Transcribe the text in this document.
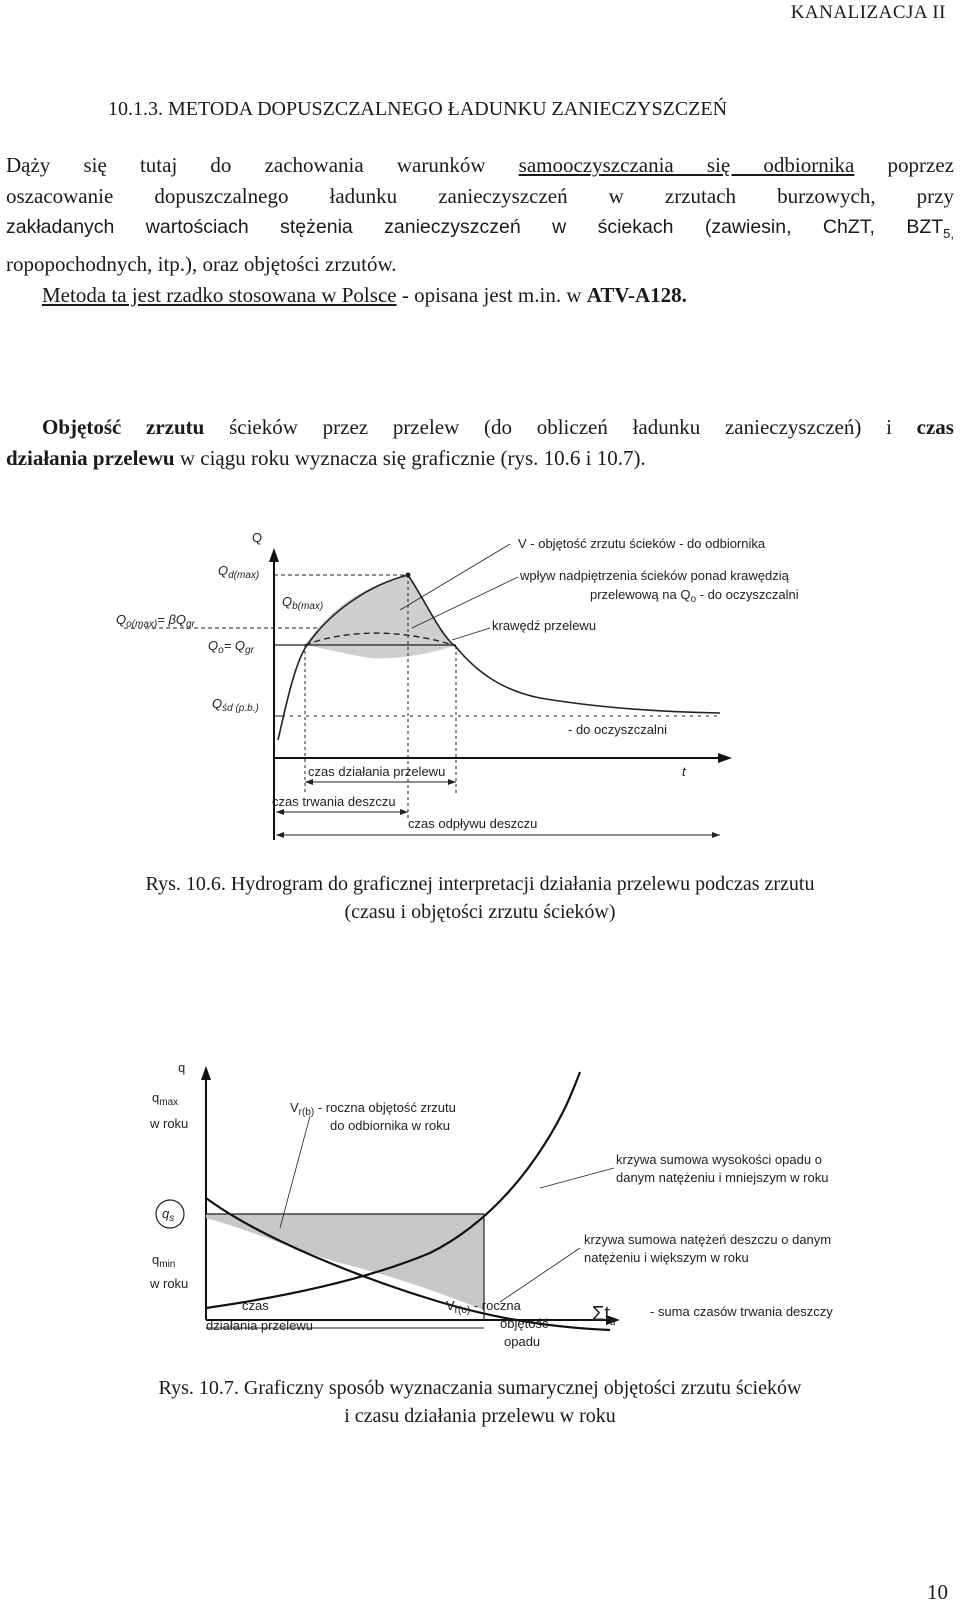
KANALIZACJA II
10.1.3. METODA DOPUSZCZALNEGO ŁADUNKU ZANIECZYSZCZEŃ
Dąży się tutaj do zachowania warunków samooczyszczania się odbiornika poprzez
oszacowanie dopuszczalnego ładunku zanieczyszczeń w zrzutach burzowych, przy
zakładanych wartościach stężenia zanieczyszczeń w ściekach (zawiesin, ChZT, $BZT_{5,}$
ropopochodnych, itp.), oraz objętości zrzutów.
Metoda ta jest rzadko stosowana w Polsce - opisana jest m.in. w ATV-A128.
Objętość zrzutu ścieków przez przelew (do obliczeń ładunku zanieczyszczeń) i czas
działania przelewu w ciągu roku wyznacza się graficznie (rys. 10.6 i 10.7).
Q
t
$Q_{d(max)}$
$Q_{b(max)}$
$Q_{o(max)}= \beta Q_{gr}$
$Q_o= Q_{gr}$
$Q_{śd (p.b.)}$
V - objętość zrzutu ścieków - do odbiornika
wpływ nadpiętrzenia ścieków ponad krawędzią
przelewową na $Q_o$ - do oczyszczalni
krawędź przelewu
- do oczyszczalni
czas działania przelewu
czas trwania deszczu
czas odpływu deszczu
Rys. 10.6. Hydrogram do graficznej interpretacji działania przelewu podczas zrzutu
(czasu i objętości zrzutu ścieków)
q
$q_{max}$
w roku
$q_s$
$q_{min}$
w roku
$V_{r(b)}$ - roczna objętość zrzutu
do odbiornika w roku
krzywa sumowa wysokości opadu o
danym natężeniu i mniejszym w roku
krzywa sumowa natężeń deszczu o danym
natężeniu i większym w roku
$\Sigma t_d$
- suma czasów trwania deszczy
czas
działania przelewu
$V_{r(o)}$ - roczna
objętość
opadu
Rys. 10.7. Graficzny sposób wyznaczania sumarycznej objętości zrzutu ścieków
i czasu działania przelewu w roku
10
